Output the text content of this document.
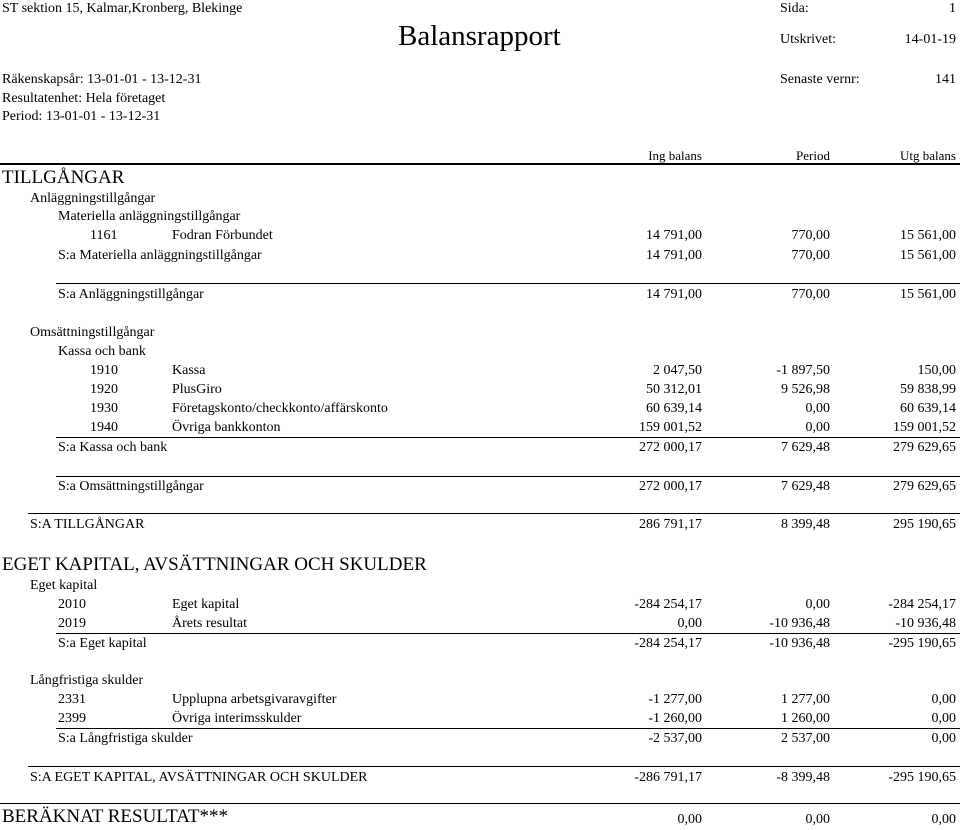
ST sektion 15, Kalmar,Kronberg, Blekinge
Balansrapport
Sida:	1
Utskrivet:	14-01-19
Räkenskapsår: 13-01-01 - 13-12-31	Senaste vernr:	141
Resultatenhet: Hela företaget
Period: 13-01-01 - 13-12-31
Ing balans	Period	Utg balans
TILLGÅNGAR
Anläggningstillgångar
Materiella anläggningstillgångar
1161	Fodran Förbundet	14 791,00	770,00	15 561,00
S:a Materiella anläggningstillgångar	14 791,00	770,00	15 561,00
S:a Anläggningstillgångar	14 791,00	770,00	15 561,00
Omsättningstillgångar
Kassa och bank
1910	Kassa	2 047,50	-1 897,50	150,00
1920	PlusGiro	50 312,01	9 526,98	59 838,99
1930	Företagskonto/checkkonto/affärskonto	60 639,14	0,00	60 639,14
1940	Övriga bankkonton	159 001,52	0,00	159 001,52
S:a Kassa och bank	272 000,17	7 629,48	279 629,65
S:a Omsättningstillgångar	272 000,17	7 629,48	279 629,65
S:A TILLGÅNGAR	286 791,17	8 399,48	295 190,65
EGET KAPITAL, AVSÄTTNINGAR OCH SKULDER
Eget kapital
2010	Eget kapital	-284 254,17	0,00	-284 254,17
2019	Årets resultat	0,00	-10 936,48	-10 936,48
S:a Eget kapital	-284 254,17	-10 936,48	-295 190,65
Långfristiga skulder
2331	Upplupna arbetsgivaravgifter	-1 277,00	1 277,00	0,00
2399	Övriga interimsskulder	-1 260,00	1 260,00	0,00
S:a Långfristiga skulder	-2 537,00	2 537,00	0,00
S:A EGET KAPITAL, AVSÄTTNINGAR OCH SKULDER	-286 791,17	-8 399,48	-295 190,65
BERÄKNAT RESULTAT***	0,00	0,00	0,00
